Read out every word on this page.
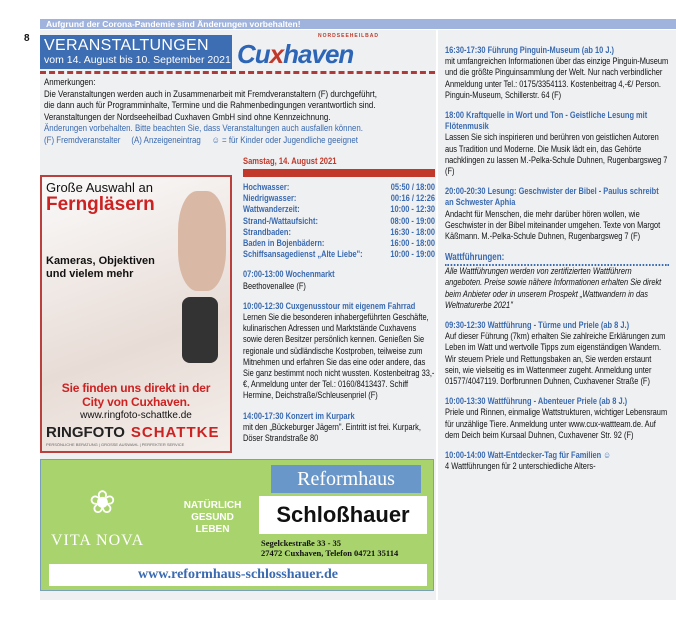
Aufgrund der Corona-Pandemie sind Änderungen vorbehalten!
8 VERANSTALTUNGEN
vom 14. August bis 10. September 2021
NORDSEEHEILBAD
Cuxhaven
Anmerkungen:
Die Veranstaltungen werden auch in Zusammenarbeit mit Fremdveranstaltern (F) durchgeführt,
die dann auch für Programminhalte, Termine und die Rahmenbedingungen verantwortlich sind.
Veranstaltungen der Nordseeheilbad Cuxhaven GmbH sind ohne Kennzeichnung.
Änderungen vorbehalten. Bitte beachten Sie, dass Veranstaltungen auch ausfallen können.
(F) Fremdveranstalter     (A) Anzeigeneintrag     ☺ = für Kinder oder Jugendliche geeignet
Große Auswahl an
Ferngläsern
Kameras, Objektiven
und vielem mehr
Sie finden uns direkt in der
City von Cuxhaven.
www.ringfoto-schattke.de
RINGFOTO SCHATTKE
PERSÖNLICHE BERATUNG | GROSSE AUSWAHL | PERFEKTER SERVICE
Samstag, 14. August 2021
Hochwasser:	05:50 / 18:00
Niedrigwasser:	00:16 / 12:26
Wattwanderzeit:	10:00 - 12:30
Strand-/Wattaufsicht:	08:00 - 19:00
Strandbaden:	16:30 - 18:00
Baden in Bojenbädern:	16:00 - 18:00
Schiffsansagedienst „Alte Liebe":	10:00 - 19:00
07:00-13:00 Wochenmarkt
Beethovenallee (F)
10:00-12:30 Cuxgenusstour mit eigenem Fahrrad
Lernen Sie die besonderen inhabergeführten Geschäfte, kulinarischen Adressen und Marktstände Cuxhavens sowie deren Besitzer persönlich kennen. Genießen Sie regionale und südländische Kostproben, teilweise zum Mitnehmen und erfahren Sie das eine oder andere, das Sie ganz bestimmt noch nicht wussten. Kostenbeitrag 33,- €, Anmeldung unter der Tel.: 0160/8413437. Schiff Hermine, Deichstraße/Schleusenpriel (F)
14:00-17:30 Konzert im Kurpark
mit den „Bückeburger Jägern". Eintritt ist frei. Kurpark, Döser Strandstraße 80
16:30-17:30 Führung Pinguin-Museum (ab 10 J.)
mit umfangreichen Informationen über das einzige Pinguin-Museum und die größte Pinguinsammlung der Welt. Nur nach verbindlicher Anmeldung unter Tel.: 0175/3354113. Kostenbeitrag 4,-€/ Person. Pinguin-Museum, Schillerstr. 64 (F)
18:00 Kraftquelle in Wort und Ton - Geistliche Lesung mit Flötenmusik
Lassen Sie sich inspirieren und berühren von geistlichen Autoren aus Tradition und Moderne. Die Musik lädt ein, das Gehörte nachklingen zu lassen M.-Pelka-Schule Duhnen, Rugenbargsweg 7 (F)
20:00-20:30 Lesung: Geschwister der Bibel - Paulus schreibt an Schwester Aphia
Andacht für Menschen, die mehr darüber hören wollen, wie Geschwister in der Bibel miteinander umgehen. Texte von Margot Käßmann. M.-Pelka-Schule Duhnen, Rugenbargsweg 7 (F)
Wattführungen:
Alle Wattführungen werden von zertifizierten Wattführern angeboten. Preise sowie nähere Informationen erhalten Sie direkt beim Anbieter oder in unserem Prospekt „Wattwandern in das Weltnaturerbe 2021"
09:30-12:30 Wattführung - Türme und Priele (ab 8 J.)
Auf dieser Führung (7km) erhalten Sie zahlreiche Erklärungen zum Leben im Watt und wertvolle Tipps zum eigenständigen Wandern. Wir steuern Priele und Rettungsbaken an, Sie werden erstaunt sein, wie vielseitig es im Wattenmeer zugeht. Anmeldung unter 01577/4047119. Dorfbrunnen Duhnen, Cuxhavener Straße (F)
10:00-13:30 Wattführung - Abenteuer Priele (ab 8 J.)
Priele und Rinnen, einmalige Wattstrukturen, wichtiger Lebensraum für unzählige Tiere. Anmeldung unter www.cux-wattteam.de. Auf dem Deich beim Kursaal Duhnen, Cuxhavener Str. 92 (F)
10:00-14:00 Watt-Entdecker-Tag für Familien ☺
4 Wattführungen für 2 unterschiedliche Alters-
❀
VITA NOVA
NATÜRLICH
GESUND
LEBEN
Reformhaus
Schloßhauer
Segelckestraße 33 - 35
27472 Cuxhaven, Telefon 04721 35114
www.reformhaus-schlosshauer.de
